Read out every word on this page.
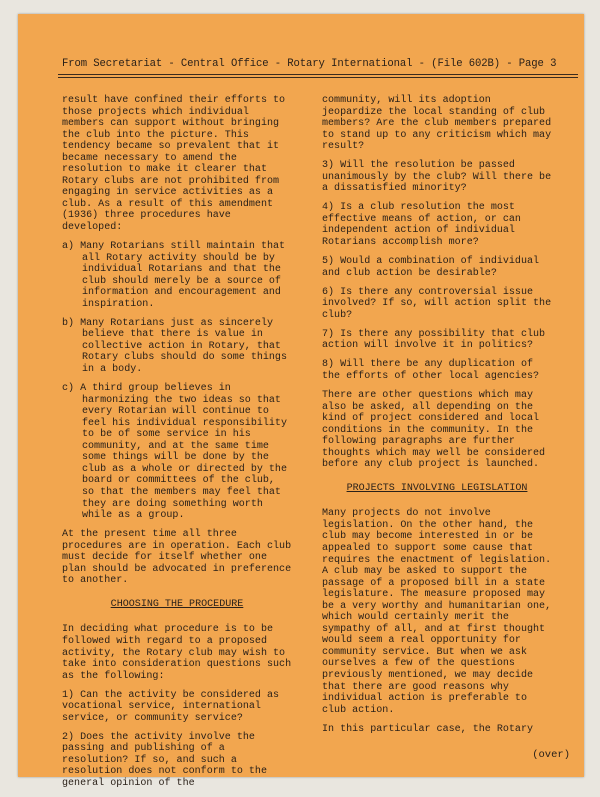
From Secretariat - Central Office - Rotary International - (File 602B) - Page 3

result have confined their efforts to those projects which individual members can support without bringing the club into the picture. This tendency became so prevalent that it became necessary to amend the resolution to make it clearer that Rotary clubs are not prohibited from engaging in service activities as a club. As a result of this amendment (1936) three procedures have developed:

a) Many Rotarians still maintain that all Rotary activity should be by individual Rotarians and that the club should merely be a source of information and encouragement and inspiration.

b) Many Rotarians just as sincerely believe that there is value in collective action in Rotary, that Rotary clubs should do some things in a body.

c) A third group believes in harmonizing the two ideas so that every Rotarian will continue to feel his individual responsibility to be of some service in his community, and at the same time some things will be done by the club as a whole or directed by the board or committees of the club, so that the members may feel that they are doing something worth while as a group.

At the present time all three procedures are in operation. Each club must decide for itself whether one plan should be advocated in preference to another.

CHOOSING THE PROCEDURE

In deciding what procedure is to be followed with regard to a proposed activity, the Rotary club may wish to take into consideration questions such as the following:

1) Can the activity be considered as vocational service, international service, or community service?

2) Does the activity involve the passing and publishing of a resolution? If so, and such a resolution does not conform to the general opinion of the

community, will its adoption jeopardize the local standing of club members? Are the club members prepared to stand up to any criticism which may result?

3) Will the resolution be passed unanimously by the club? Will there be a dissatisfied minority?

4) Is a club resolution the most effective means of action, or can independent action of individual Rotarians accomplish more?

5) Would a combination of individual and club action be desirable?

6) Is there any controversial issue involved? If so, will action split the club?

7) Is there any possibility that club action will involve it in politics?

8) Will there be any duplication of the efforts of other local agencies?

There are other questions which may also be asked, all depending on the kind of project considered and local conditions in the community. In the following paragraphs are further thoughts which may well be considered before any club project is launched.

PROJECTS INVOLVING LEGISLATION

Many projects do not involve legislation. On the other hand, the club may become interested in or be appealed to support some cause that requires the enactment of legislation. A club may be asked to support the passage of a proposed bill in a state legislature. The measure proposed may be a very worthy and humanitarian one, which would certainly merit the sympathy of all, and at first thought would seem a real opportunity for community service. But when we ask ourselves a few of the questions previously mentioned, we may decide that there are good reasons why individual action is preferable to club action.

In this particular case, the Rotary

(over)
